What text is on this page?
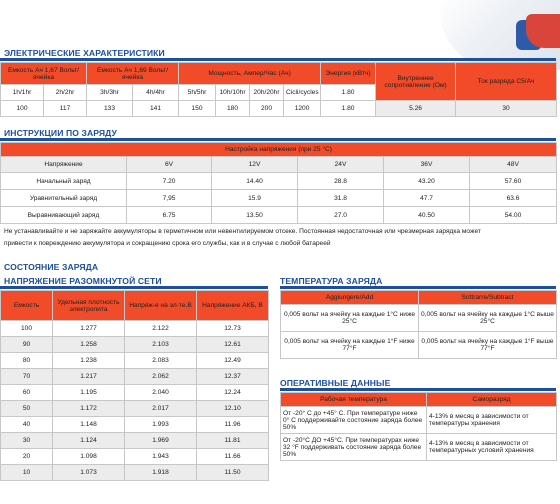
ЭЛЕКТРИЧЕСКИЕ ХАРАКТЕРИСТИКИ
Емкость Ач 1,67 Вольт/ячейка		Емкость Ач 1,69 Вольт/ячейка		Мощность, Ампер/Час (Ач)				Энергия (кВтч)	Внутреннее сопротивление (Ом)	Ток разряда C5/Ач
1h/1hr	2h/2hr	3h/3hr	4h/4hr	5h/5hr	10h/10hr	20h/20hr	Cicli/cycles	1.80		
100	117	133	141	150	180	200	1200	1.80	5.26	30
ИНСТРУКЦИИ ПО ЗАРЯДУ
Настройка напряжения (при 25 °C)					
Напряжение	6V	12V	24V	36V	48V
Начальный заряд	7.20	14.40	28.8	43.20	57.60
Уравнительный заряд	7,95	15.9	31.8	47.7	63.6
Выравнивающий заряд	6.75	13.50	27.0	40.50	54.00
Не устанавливайте и не заряжайте аккумуляторы в герметичном или невентилируемом отсеке. Постоянная недостаточная или чрезмерная зарядка может
привести к повреждению аккумулятора и сокращению срока его службы, как и в случае с любой батареей
СОСТОЯНИЕ ЗАРЯДА
НАПРЯЖЕНИЕ РАЗОМКНУТОЙ СЕТИ
Емкость	Удельная плотность электролита	Напряж-е на эл-те,В	Напряжение АКБ, В
100	1.277	2.122	12.73
90	1.258	2.103	12.61
80	1.238	2.083	12.49
70	1.217	2.062	12.37
60	1.195	2.040	12.24
50	1.172	2.017	12.10
40	1.148	1.993	11.96
30	1.124	1.969	11.81
20	1.098	1.943	11.66
10	1.073	1.918	11.50
ТЕМПЕРАТУРА ЗАРЯДА
Aggiungere/Add	Sottrarre/Subtract
0,005 вольт на ячейку на каждые 1°C ниже 25°C	0,005 вольт на ячейку на каждые 1°C выше 25°C
0,005 вольт на ячейку на каждые 1°F ниже 77°F	0,005 вольт на ячейку на каждые 1°F выше 77°F
ОПЕРАТИВНЫЕ ДАННЫЕ
Рабочая температура	Саморазряд
От -20° С до +45° С. При температуре ниже 0° С поддерживайте состояние заряда более 50%	4-13% в месяц в зависимости от температуры хранения
От -20°С ДО +45°С. При температурах ниже 32 °F поддерживать состояние заряда более 50%	4-13% в месяц в зависимости от температурных условий хранения
